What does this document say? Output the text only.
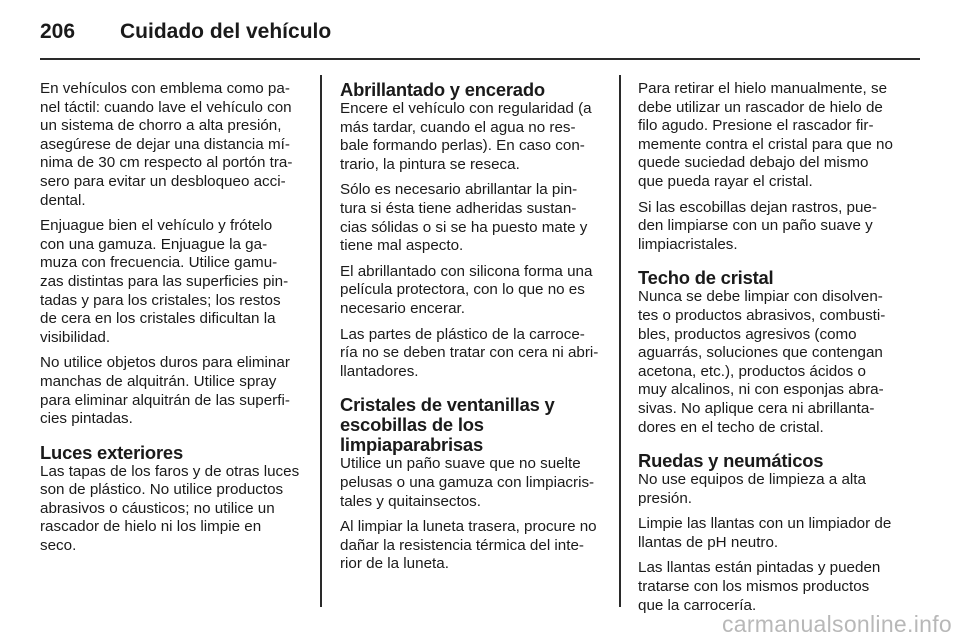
206 Cuidado del vehículo

En vehículos con emblema como pa-
nel táctil: cuando lave el vehículo con
un sistema de chorro a alta presión,
asegúrese de dejar una distancia mí-
nima de 30 cm respecto al portón tra-
sero para evitar un desbloqueo acci-
dental.

Enjuague bien el vehículo y frótelo
con una gamuza. Enjuague la ga-
muza con frecuencia. Utilice gamu-
zas distintas para las superficies pin-
tadas y para los cristales; los restos
de cera en los cristales dificultan la
visibilidad.

No utilice objetos duros para eliminar
manchas de alquitrán. Utilice spray
para eliminar alquitrán de las superfi-
cies pintadas.

Luces exteriores

Las tapas de los faros y de otras luces
son de plástico. No utilice productos
abrasivos o cáusticos; no utilice un
rascador de hielo ni los limpie en
seco.

Abrillantado y encerado

Encere el vehículo con regularidad (a
más tardar, cuando el agua no res-
bale formando perlas). En caso con-
trario, la pintura se reseca.

Sólo es necesario abrillantar la pin-
tura si ésta tiene adheridas sustan-
cias sólidas o si se ha puesto mate y
tiene mal aspecto.

El abrillantado con silicona forma una
película protectora, con lo que no es
necesario encerar.

Las partes de plástico de la carroce-
ría no se deben tratar con cera ni abri-
llantadores.

Cristales de ventanillas y
escobillas de los
limpiaparabrisas

Utilice un paño suave que no suelte
pelusas o una gamuza con limpiacris-
tales y quitainsectos.

Al limpiar la luneta trasera, procure no
dañar la resistencia térmica del inte-
rior de la luneta.

Para retirar el hielo manualmente, se
debe utilizar un rascador de hielo de
filo agudo. Presione el rascador fir-
memente contra el cristal para que no
quede suciedad debajo del mismo
que pueda rayar el cristal.

Si las escobillas dejan rastros, pue-
den limpiarse con un paño suave y
limpiacristales.

Techo de cristal

Nunca se debe limpiar con disolven-
tes o productos abrasivos, combusti-
bles, productos agresivos (como
aguarrás, soluciones que contengan
acetona, etc.), productos ácidos o
muy alcalinos, ni con esponjas abra-
sivas. No aplique cera ni abrillanta-
dores en el techo de cristal.

Ruedas y neumáticos

No use equipos de limpieza a alta
presión.

Limpie las llantas con un limpiador de
llantas de pH neutro.

Las llantas están pintadas y pueden
tratarse con los mismos productos
que la carrocería.

carmanualsonline.info
